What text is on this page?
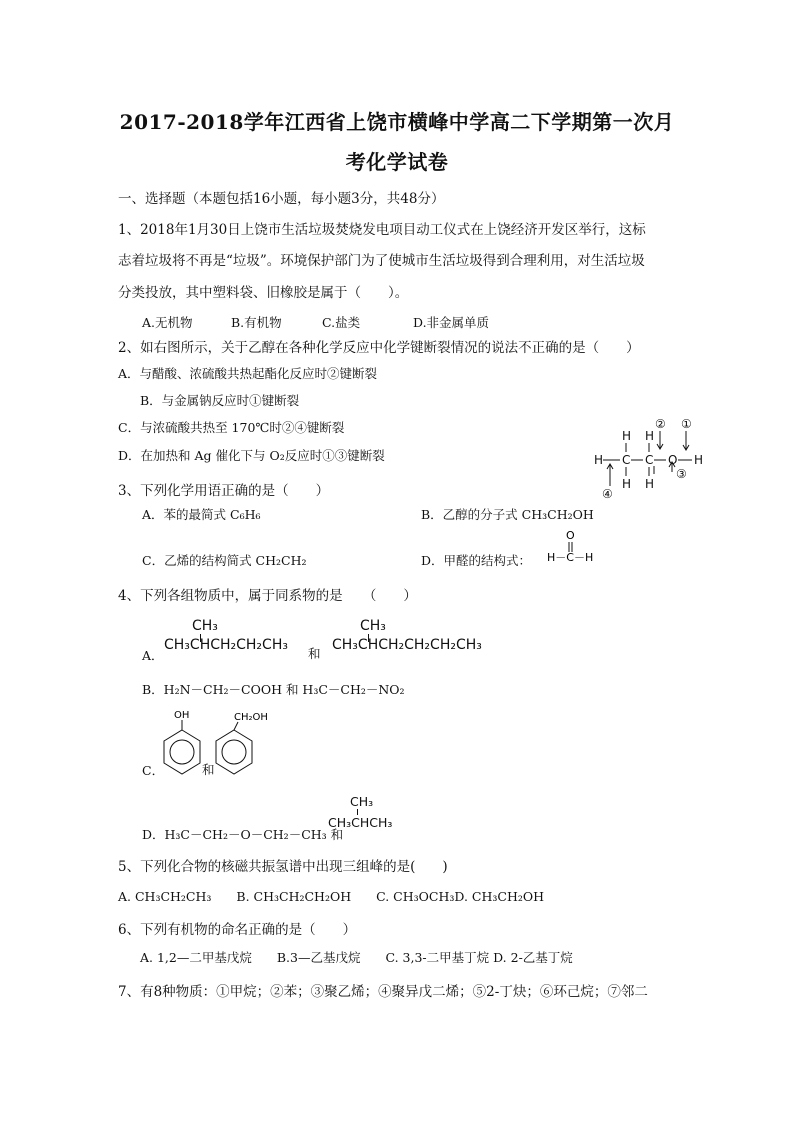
2017-2018学年江西省上饶市横峰中学高二下学期第一次月
考化学试卷
一、选择题（本题包括16小题，每小题3分，共48分）
1、2018年1月30日上饶市生活垃圾焚烧发电项目动工仪式在上饶经济开发区举行，这标
志着垃圾将不再是“垃圾”。环境保护部门为了使城市生活垃圾得到合理利用，对生活垃圾
分类投放，其中塑料袋、旧橡胶是属于（　　）。
A.无机物	B.有机物	C.盐类	D.非金属单质
2、如右图所示，关于乙醇在各种化学反应中化学键断裂情况的说法不正确的是（　　）
A．与醋酸、浓硫酸共热起酯化反应时②键断裂
B．与金属钠反应时①键断裂
C．与浓硫酸共热至 170℃时②④键断裂
D．在加热和 Ag 催化下与 O₂反应时①③键断裂
H H
H C C O H
H H
② ①
③
④
3、下列化学用语正确的是（　　）
A．苯的最简式 C₆H₆	B．乙醇的分子式 CH₃CH₂OH
C．乙烯的结构简式 CH₂CH₂	D．甲醛的结构式：
O
H－C－H
4、下列各组物质中，属于同系物的是　　（　　）
A．
CH₃
CH₃CHCH₂CH₂CH₃
和
CH₃
CH₃CHCH₂CH₂CH₂CH₃
B．H₂N－CH₂－COOH 和 H₃C－CH₂－NO₂
C．
OH	CH₂OH
和
D．H₃C－CH₂－O－CH₂－CH₃ 和
CH₃
CH₃CHCH₃
5、下列化合物的核磁共振氢谱中出现三组峰的是(　　)
A. CH₃CH₂CH₃　　B. CH₃CH₂CH₂OH　　C. CH₃OCH₃D. CH₃CH₂OH
6、下列有机物的命名正确的是（　　）
A. 1,2—二甲基戊烷　　B.3—乙基戊烷　　C. 3,3-二甲基丁烷 D. 2-乙基丁烷
7、有8种物质：①甲烷；②苯；③聚乙烯；④聚异戊二烯；⑤2-丁炔；⑥环己烷；⑦邻二
